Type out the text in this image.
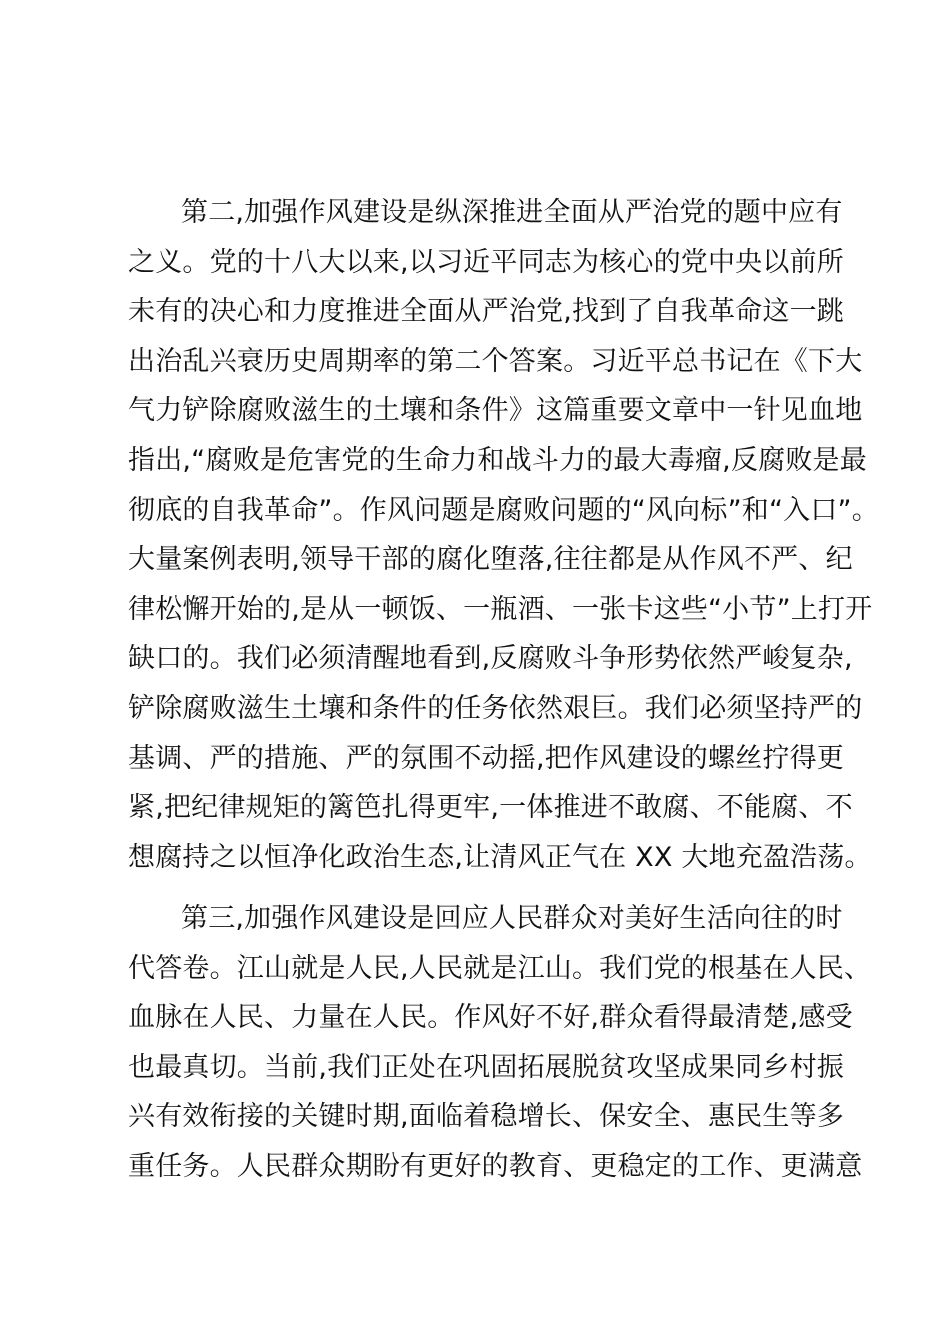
第二,加强作风建设是纵深推进全面从严治党的题中应有
之义。党的十八大以来,以习近平同志为核心的党中央以前所
未有的决心和力度推进全面从严治党,找到了自我革命这一跳
出治乱兴衰历史周期率的第二个答案。习近平总书记在《下大
气力铲除腐败滋生的土壤和条件》这篇重要文章中一针见血地
指出,“腐败是危害党的生命力和战斗力的最大毒瘤,反腐败是最
彻底的自我革命”。作风问题是腐败问题的“风向标”和“入口”。
大量案例表明,领导干部的腐化堕落,往往都是从作风不严、纪
律松懈开始的,是从一顿饭、一瓶酒、一张卡这些“小节”上打开
缺口的。我们必须清醒地看到,反腐败斗争形势依然严峻复杂,
铲除腐败滋生土壤和条件的任务依然艰巨。我们必须坚持严的
基调、严的措施、严的氛围不动摇,把作风建设的螺丝拧得更
紧,把纪律规矩的篱笆扎得更牢,一体推进不敢腐、不能腐、不
想腐持之以恒净化政治生态,让清风正气在 XX 大地充盈浩荡。
第三,加强作风建设是回应人民群众对美好生活向往的时
代答卷。江山就是人民,人民就是江山。我们党的根基在人民、
血脉在人民、力量在人民。作风好不好,群众看得最清楚,感受
也最真切。当前,我们正处在巩固拓展脱贫攻坚成果同乡村振
兴有效衔接的关键时期,面临着稳增长、保安全、惠民生等多
重任务。人民群众期盼有更好的教育、更稳定的工作、更满意
